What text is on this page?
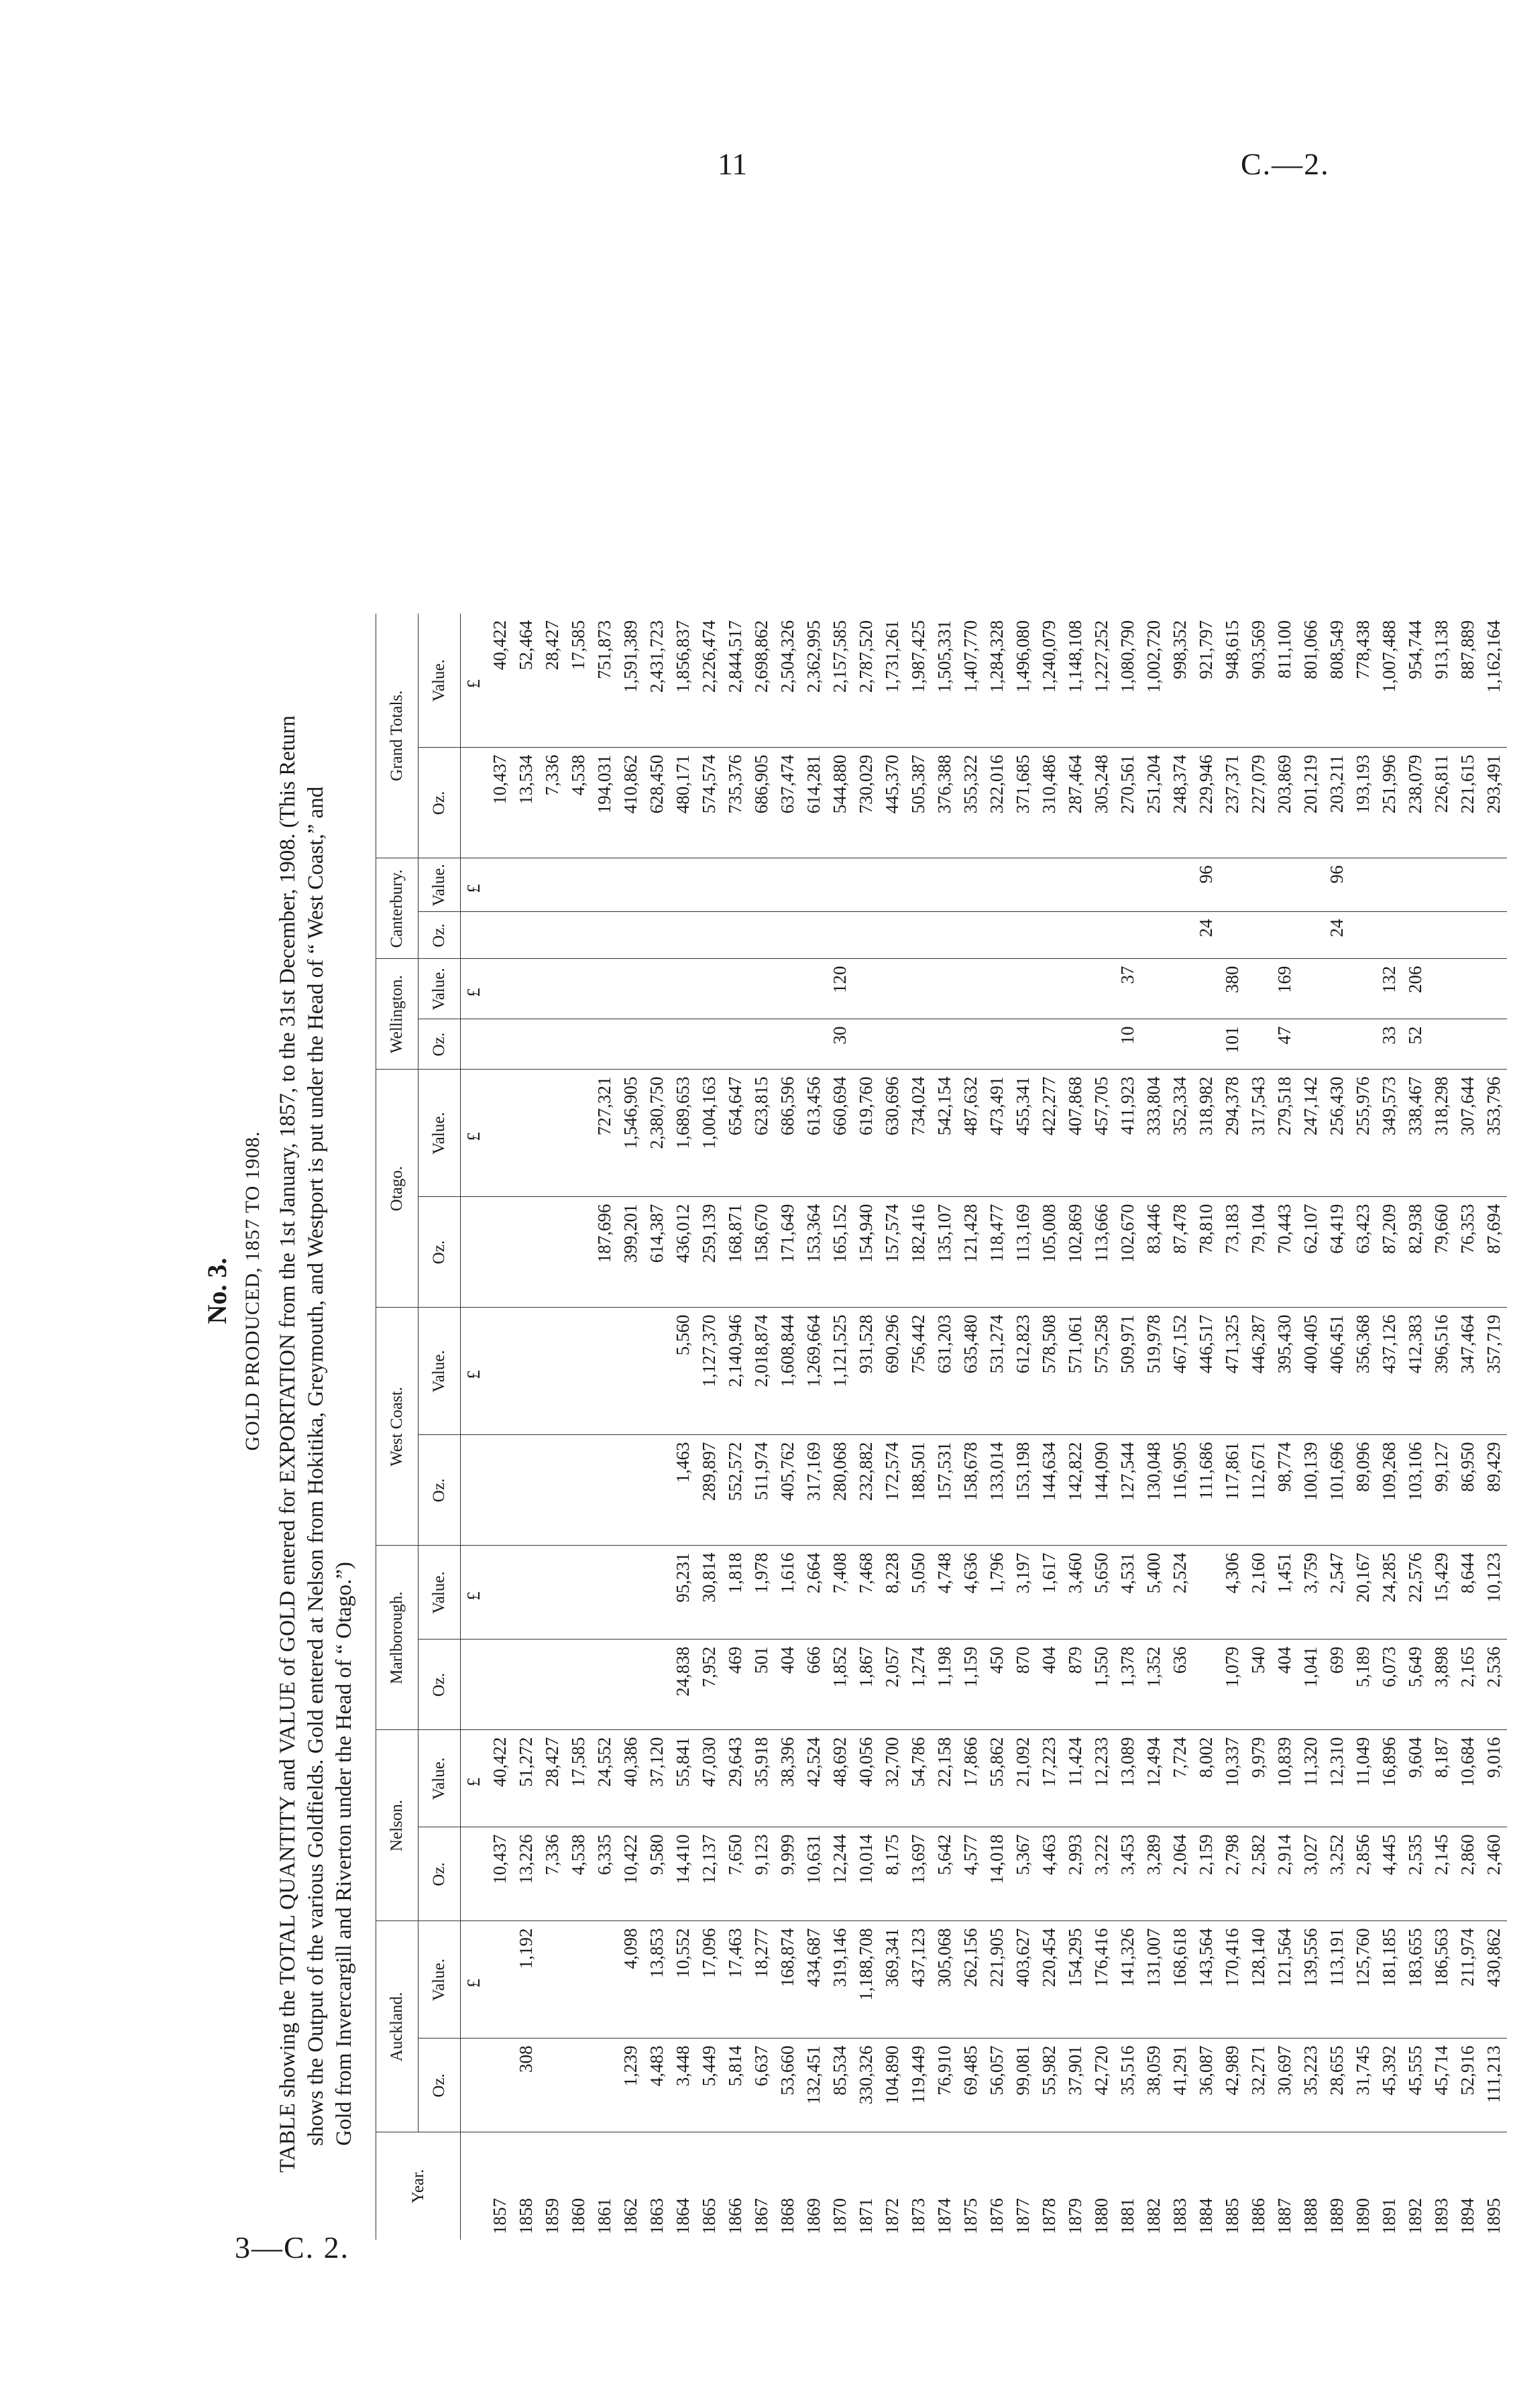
11	C.—2.
3—C. 2.
No. 3. GOLD PRODUCED, 1857 TO 1908. TABLE showing the TOTAL QUANTITY and VALUE of GOLD entered for EXPORTATION from the 1st January, 1857, to the 31st December, 1908. (This Return shows the Output of the various Goldfields. Gold entered at Nelson from Hokitika, Greymouth, and Westport is put under the Head of “ West Coast,” and Gold from Invercargill and Riverton under the Head of “ Otago.”)
Year.	Auckland.		Nelson.		Marlborough.		West Coast.		Otago.		Wellington.		Canterbury.		Grand Totals.	
	Oz.	Value.	Oz.	Value.	Oz.	Value.	Oz.	Value.	Oz.	Value.	Oz.	Value.	Oz.	Value.	Oz.	Value.
		£		£		£		£		£		£		£		£
1857			10,437	40,422											10,437	40,422
1858	308	1,192	13,226	51,272											13,534	52,464
1859			7,336	28,427											7,336	28,427
1860			4,538	17,585											4,538	17,585
1861			6,335	24,552					187,696	727,321					194,031	751,873
1862	1,239	4,098	10,422	40,386					399,201	1,546,905					410,862	1,591,389
1863	4,483	13,853	9,580	37,120					614,387	2,380,750					628,450	2,431,723
1864	3,448	10,552	14,410	55,841	24,838	95,231	1,463	5,560	436,012	1,689,653					480,171	1,856,837
1865	5,449	17,096	12,137	47,030	7,952	30,814	289,897	1,127,370	259,139	1,004,163					574,574	2,226,474
1866	5,814	17,463	7,650	29,643	469	1,818	552,572	2,140,946	168,871	654,647					735,376	2,844,517
1867	6,637	18,277	9,123	35,918	501	1,978	511,974	2,018,874	158,670	623,815					686,905	2,698,862
1868	53,660	168,874	9,999	38,396	404	1,616	405,762	1,608,844	171,649	686,596					637,474	2,504,326
1869	132,451	434,687	10,631	42,524	666	2,664	317,169	1,269,664	153,364	613,456					614,281	2,362,995
1870	85,534	319,146	12,244	48,692	1,852	7,408	280,068	1,121,525	165,152	660,694	30	120			544,880	2,157,585
1871	330,326	1,188,708	10,014	40,056	1,867	7,468	232,882	931,528	154,940	619,760					730,029	2,787,520
1872	104,890	369,341	8,175	32,700	2,057	8,228	172,574	690,296	157,574	630,696					445,370	1,731,261
1873	119,449	437,123	13,697	54,786	1,274	5,050	188,501	756,442	182,416	734,024					505,387	1,987,425
1874	76,910	305,068	5,642	22,158	1,198	4,748	157,531	631,203	135,107	542,154					376,388	1,505,331
1875	69,485	262,156	4,577	17,866	1,159	4,636	158,678	635,480	121,428	487,632					355,322	1,407,770
1876	56,057	221,905	14,018	55,862	450	1,796	133,014	531,274	118,477	473,491					322,016	1,284,328
1877	99,081	403,627	5,367	21,092	870	3,197	153,198	612,823	113,169	455,341					371,685	1,496,080
1878	55,982	220,454	4,463	17,223	404	1,617	144,634	578,508	105,008	422,277					310,486	1,240,079
1879	37,901	154,295	2,993	11,424	879	3,460	142,822	571,061	102,869	407,868					287,464	1,148,108
1880	42,720	176,416	3,222	12,233	1,550	5,650	144,090	575,258	113,666	457,705					305,248	1,227,252
1881	35,516	141,326	3,453	13,089	1,378	4,531	127,544	509,971	102,670	411,923	10	37			270,561	1,080,790
1882	38,059	131,007	3,289	12,494	1,352	5,400	130,048	519,978	83,446	333,804					251,204	1,002,720
1883	41,291	168,618	2,064	7,724	636	2,524	116,905	467,152	87,478	352,334					248,374	998,352
1884	36,087	143,564	2,159	8,002			111,686	446,517	78,810	318,982			24	96	229,946	921,797
1885	42,989	170,416	2,798	10,337	1,079	4,306	117,861	471,325	73,183	294,378	101	380			237,371	948,615
1886	32,271	128,140	2,582	9,979	540	2,160	112,671	446,287	79,104	317,543					227,079	903,569
1887	30,697	121,564	2,914	10,839	404	1,451	98,774	395,430	70,443	279,518	47	169			203,869	811,100
1888	35,223	139,556	3,027	11,320	1,041	3,759	100,139	400,405	62,107	247,142					201,219	801,066
1889	28,655	113,191	3,252	12,310	699	2,547	101,696	406,451	64,419	256,430			24	96	203,211	808,549
1890	31,745	125,760	2,856	11,049	5,189	20,167	89,096	356,368	63,423	255,976					193,193	778,438
1891	45,392	181,185	4,445	16,896	6,073	24,285	109,268	437,126	87,209	349,573	33	132			251,996	1,007,488
1892	45,555	183,655	2,535	9,604	5,649	22,576	103,106	412,383	82,938	338,467	52	206			238,079	954,744
1893	45,714	186,563	2,145	8,187	3,898	15,429	99,127	396,516	79,660	318,298					226,811	913,138
1894	52,916	211,974	2,860	10,684	2,165	8,644	86,950	347,464	76,353	307,644					221,615	887,889
1895	111,213	430,862	2,460	9,016	2,536	10,123	89,429	357,719	87,694	353,796					293,491	1,162,164
